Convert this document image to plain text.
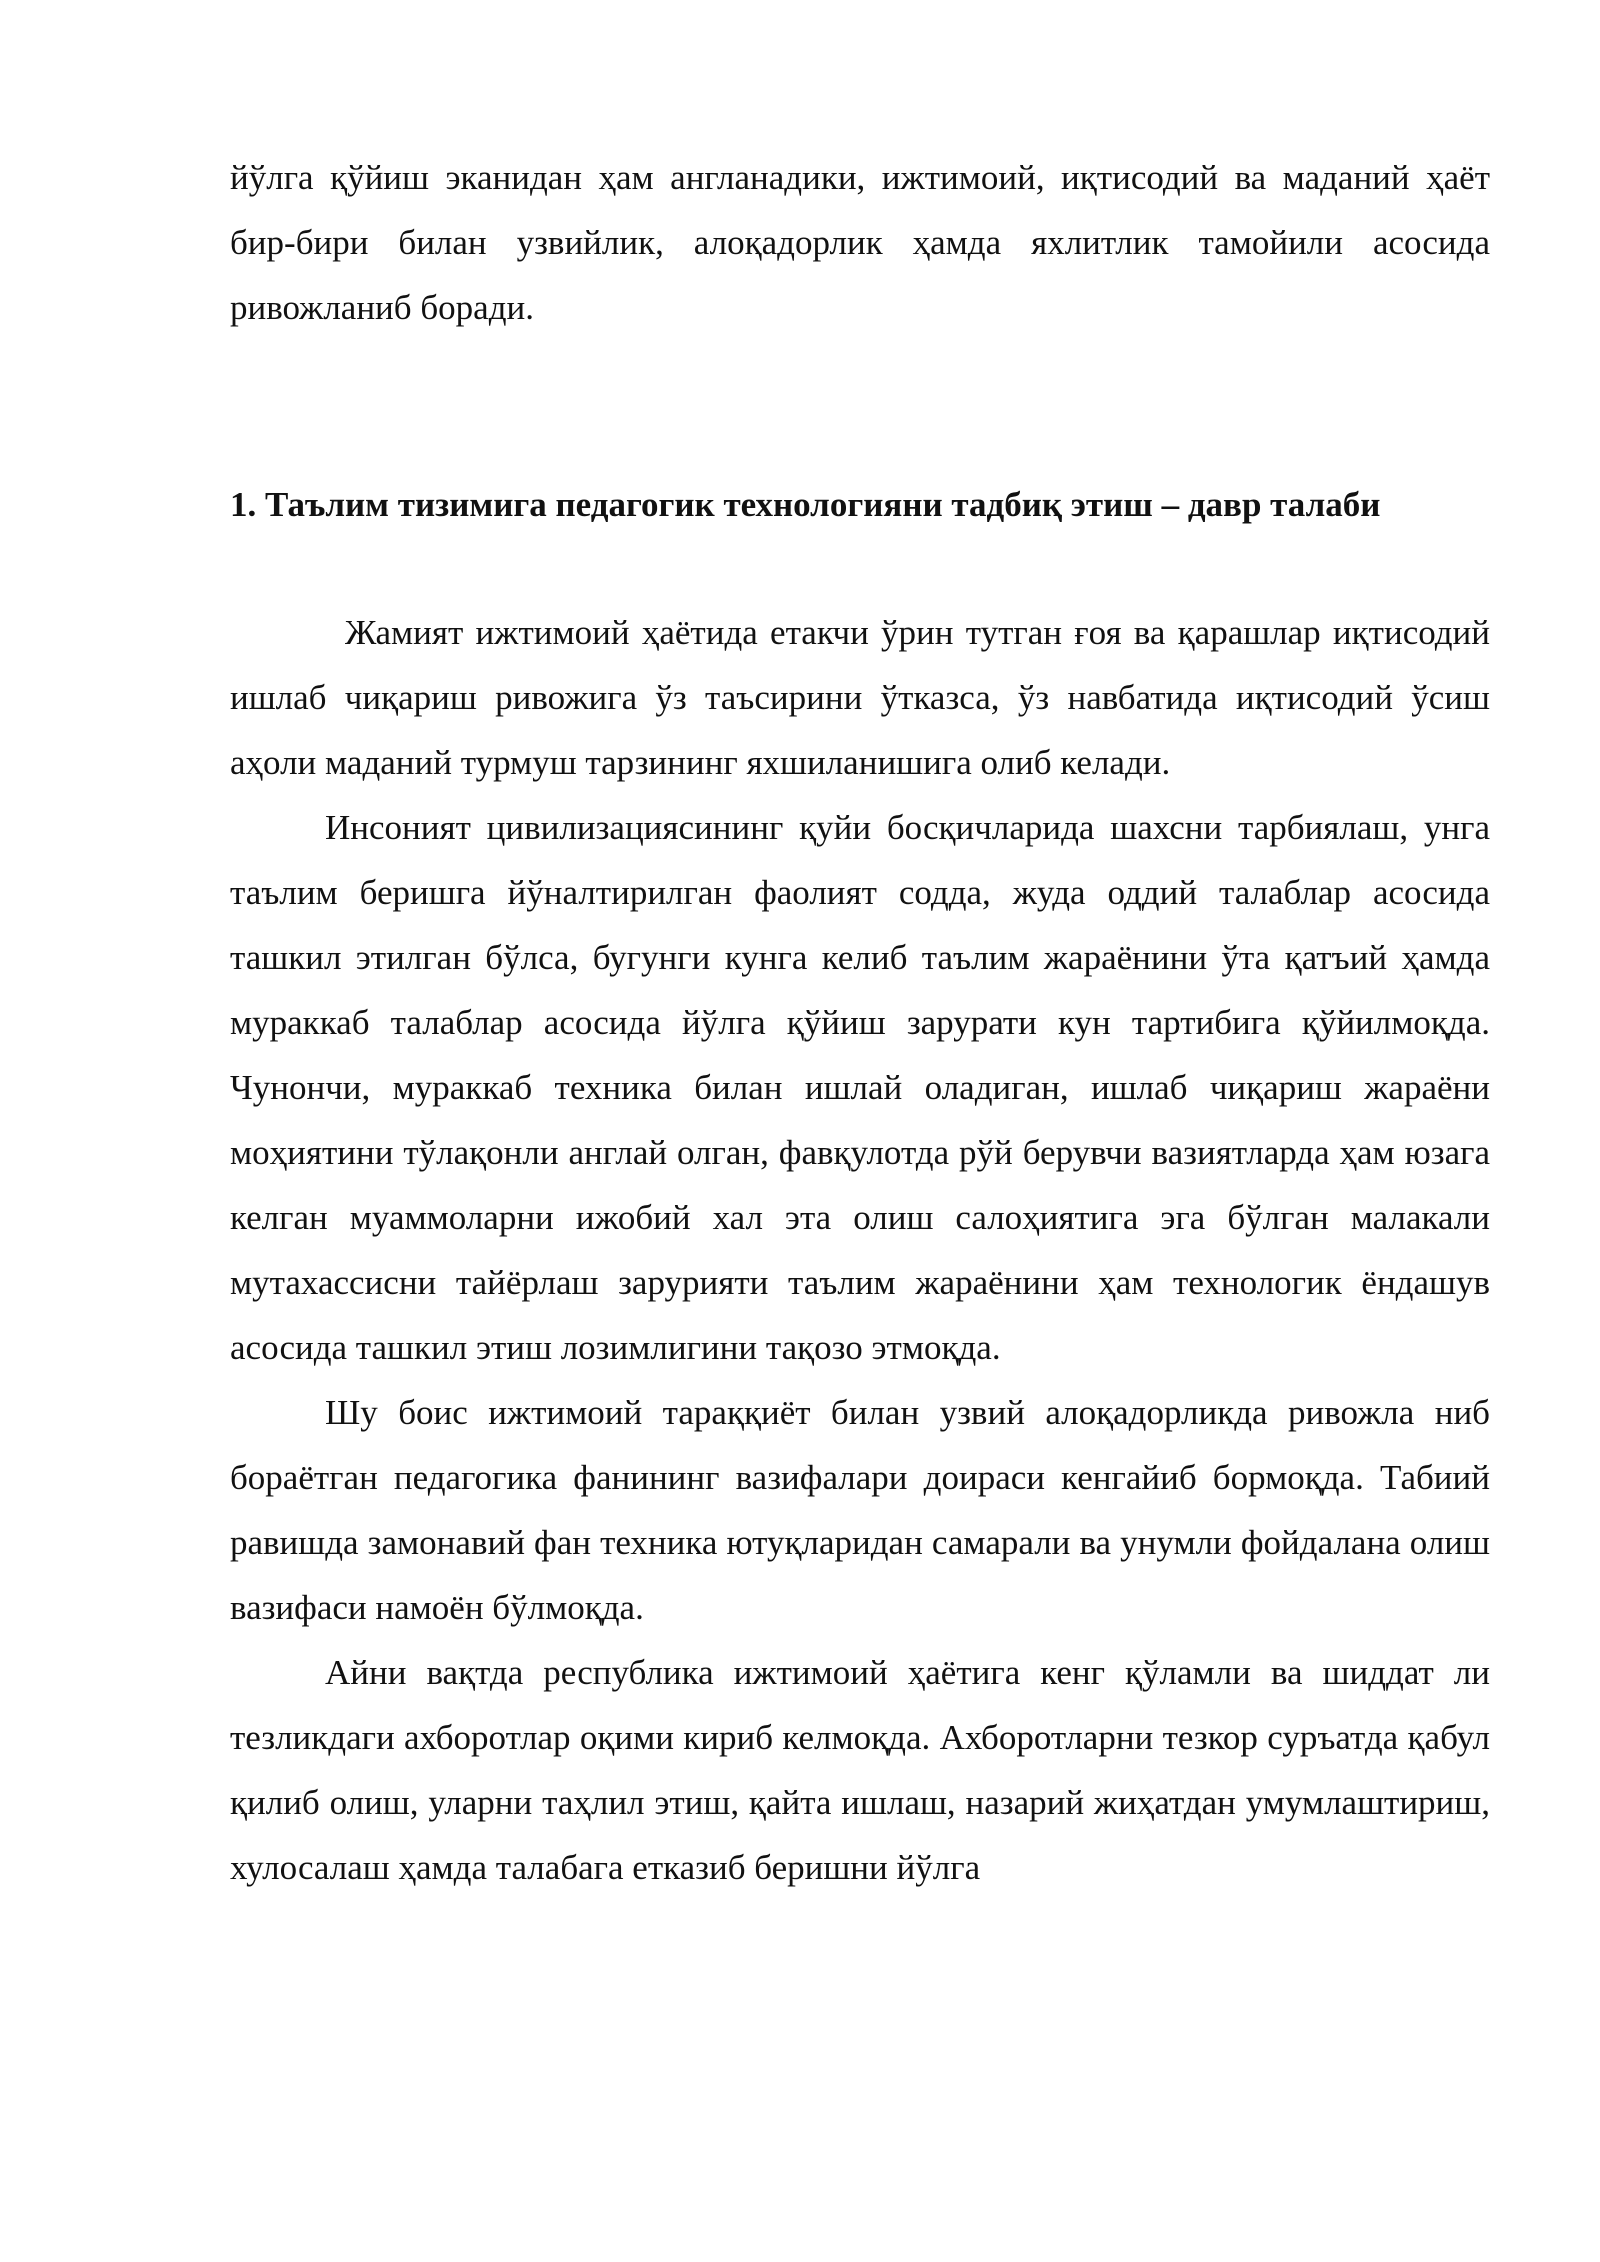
йўлга қўйиш эканидан ҳам англанадики, ижтимоий, иқтисодий ва маданий ҳаёт бир-бири билан узвийлик, алоқадорлик ҳамда яхлитлик тамойили асосида ривожланиб боради.

1. Таълим тизимига педагогик технологияни тадбиқ этиш – давр талаби

Жамият ижтимоий ҳаётида етакчи ўрин тутган ғоя ва қарашлар иқтисодий ишлаб чиқариш ривожига ўз таъсирини ўтказса, ўз навбатида иқтисодий ўсиш аҳоли маданий турмуш тарзининг яхшиланишига олиб келади.

Инсоният цивилизациясининг қуйи босқичларида шахсни тарбиялаш, унга таълим беришга йўналтирилган фаолият содда, жуда оддий талаблар асосида ташкил этилган бўлса, бугунги кунга келиб таълим жараёнини ўта қатъий ҳамда мураккаб талаблар асосида йўлга қўйиш зарурати кун тартибига қўйилмоқда. Чунончи, мураккаб техника билан ишлай оладиган, ишлаб чиқариш жараёни моҳиятини тўлақонли англай олган, фавқулотда рўй берувчи вазиятларда ҳам юзага келган муаммоларни ижобий хал эта олиш салоҳиятига эга бўлган малакали мутахассисни тайёрлаш зарурияти таълим жараёнини ҳам технологик ёндашув асосида ташкил этиш лозимлигини тақозо этмоқда.

Шу боис ижтимоий тараққиёт билан узвий алоқадорликда ривожла ниб бораётган педагогика фанининг вазифалари доираси кенгайиб бормоқда. Табиий равишда замонавий фан техника ютуқларидан самарали ва унумли фойдалана олиш вазифаси намоён бўлмоқда.

Айни вақтда республика ижтимоий ҳаётига кенг қўламли ва шиддат ли тезликдаги ахборотлар оқими кириб келмоқда. Ахборотларни тезкор суръатда қабул қилиб олиш, уларни таҳлил этиш, қайта ишлаш, назарий жиҳатдан умумлаштириш, хулосалаш ҳамда талабага етказиб беришни йўлга
